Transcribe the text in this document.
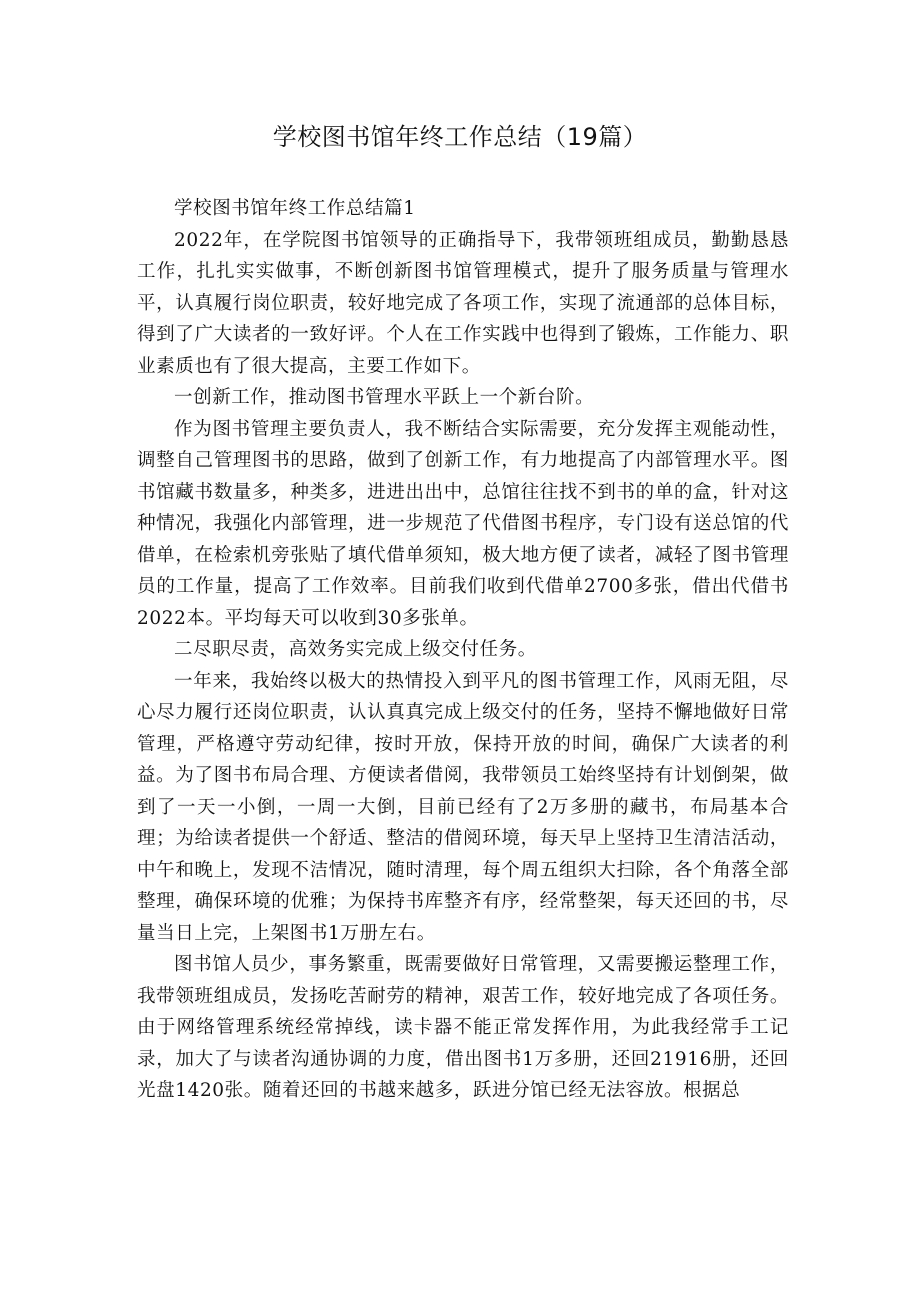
学校图书馆年终工作总结（19篇）

学校图书馆年终工作总结篇1

2022年，在学院图书馆领导的正确指导下，我带领班组成员，勤勤恳恳工作，扎扎实实做事，不断创新图书馆管理模式，提升了服务质量与管理水平，认真履行岗位职责，较好地完成了各项工作，实现了流通部的总体目标，得到了广大读者的一致好评。个人在工作实践中也得到了锻炼，工作能力、职业素质也有了很大提高，主要工作如下。

一创新工作，推动图书管理水平跃上一个新台阶。

作为图书管理主要负责人，我不断结合实际需要，充分发挥主观能动性，调整自己管理图书的思路，做到了创新工作，有力地提高了内部管理水平。图书馆藏书数量多，种类多，进进出出中，总馆往往找不到书的单的盒，针对这种情况，我强化内部管理，进一步规范了代借图书程序，专门设有送总馆的代借单，在检索机旁张贴了填代借单须知，极大地方便了读者，减轻了图书管理员的工作量，提高了工作效率。目前我们收到代借单2700多张，借出代借书2022本。平均每天可以收到30多张单。

二尽职尽责，高效务实完成上级交付任务。

一年来，我始终以极大的热情投入到平凡的图书管理工作，风雨无阻，尽心尽力履行还岗位职责，认认真真完成上级交付的任务，坚持不懈地做好日常管理，严格遵守劳动纪律，按时开放，保持开放的时间，确保广大读者的利益。为了图书布局合理、方便读者借阅，我带领员工始终坚持有计划倒架，做到了一天一小倒，一周一大倒，目前已经有了2万多册的藏书，布局基本合理；为给读者提供一个舒适、整洁的借阅环境，每天早上坚持卫生清洁活动，中午和晚上，发现不洁情况，随时清理，每个周五组织大扫除，各个角落全部整理，确保环境的优雅；为保持书库整齐有序，经常整架，每天还回的书，尽量当日上完，上架图书1万册左右。

图书馆人员少，事务繁重，既需要做好日常管理，又需要搬运整理工作，我带领班组成员，发扬吃苦耐劳的精神，艰苦工作，较好地完成了各项任务。由于网络管理系统经常掉线，读卡器不能正常发挥作用，为此我经常手工记录，加大了与读者沟通协调的力度，借出图书1万多册，还回21916册，还回光盘1420张。随着还回的书越来越多，跃进分馆已经无法容放。根据总
